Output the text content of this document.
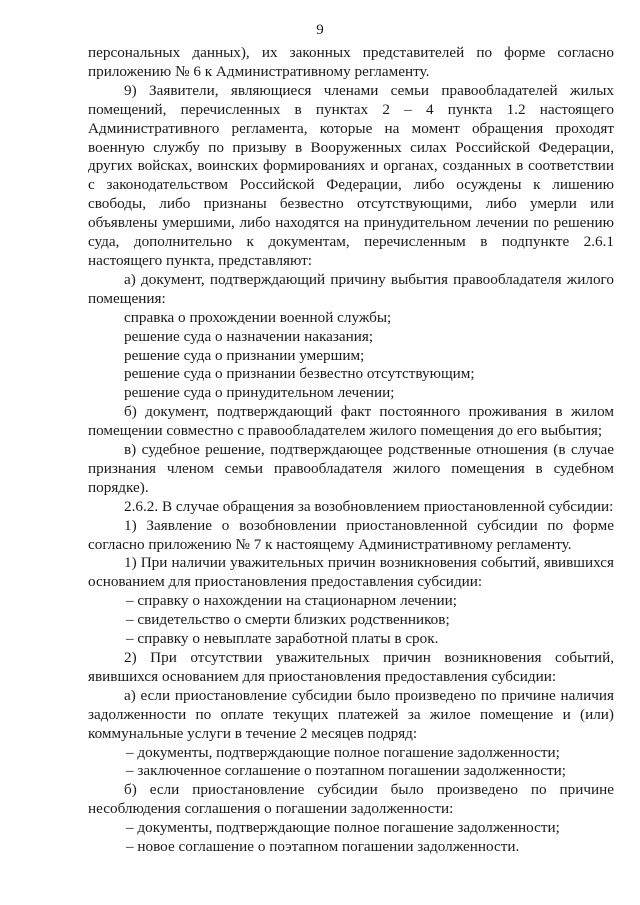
9

персональных данных), их законных представителей по форме согласно приложению № 6 к Административному регламенту.

9) Заявители, являющиеся членами семьи правообладателей жилых помещений, перечисленных в пунктах 2 – 4 пункта 1.2 настоящего Административного регламента, которые на момент обращения проходят военную службу по призыву в Вооруженных силах Российской Федерации, других войсках, воинских формированиях и органах, созданных в соответствии с законодательством Российской Федерации, либо осуждены к лишению свободы, либо признаны безвестно отсутствующими, либо умерли или объявлены умершими, либо находятся на принудительном лечении по решению суда, дополнительно к документам, перечисленным в подпункте 2.6.1 настоящего пункта, представляют:

а) документ, подтверждающий причину выбытия правообладателя жилого помещения:

справка о прохождении военной службы;

решение суда о назначении наказания;

решение суда о признании умершим;

решение суда о признании безвестно отсутствующим;

решение суда о принудительном лечении;

б) документ, подтверждающий факт постоянного проживания в жилом помещении совместно с правообладателем жилого помещения до его выбытия;

в) судебное решение, подтверждающее родственные отношения (в случае признания членом семьи правообладателя жилого помещения в судебном порядке).

2.6.2. В случае обращения за возобновлением приостановленной субсидии:

1) Заявление о возобновлении приостановленной субсидии по форме согласно приложению № 7 к настоящему Административному регламенту.

1) При наличии уважительных причин возникновения событий, явившихся основанием для приостановления предоставления субсидии:

– справку о нахождении на стационарном лечении;

– свидетельство о смерти близких родственников;

– справку о невыплате заработной платы в срок.

2) При отсутствии уважительных причин возникновения событий, явившихся основанием для приостановления предоставления субсидии:

а) если приостановление субсидии было произведено по причине наличия задолженности по оплате текущих платежей за жилое помещение и (или) коммунальные услуги в течение 2 месяцев подряд:

– документы, подтверждающие полное погашение задолженности;

– заключенное соглашение о поэтапном погашении задолженности;

б) если приостановление субсидии было произведено по причине несоблюдения соглашения о погашении задолженности:

– документы, подтверждающие полное погашение задолженности;

– новое соглашение о поэтапном погашении задолженности.
